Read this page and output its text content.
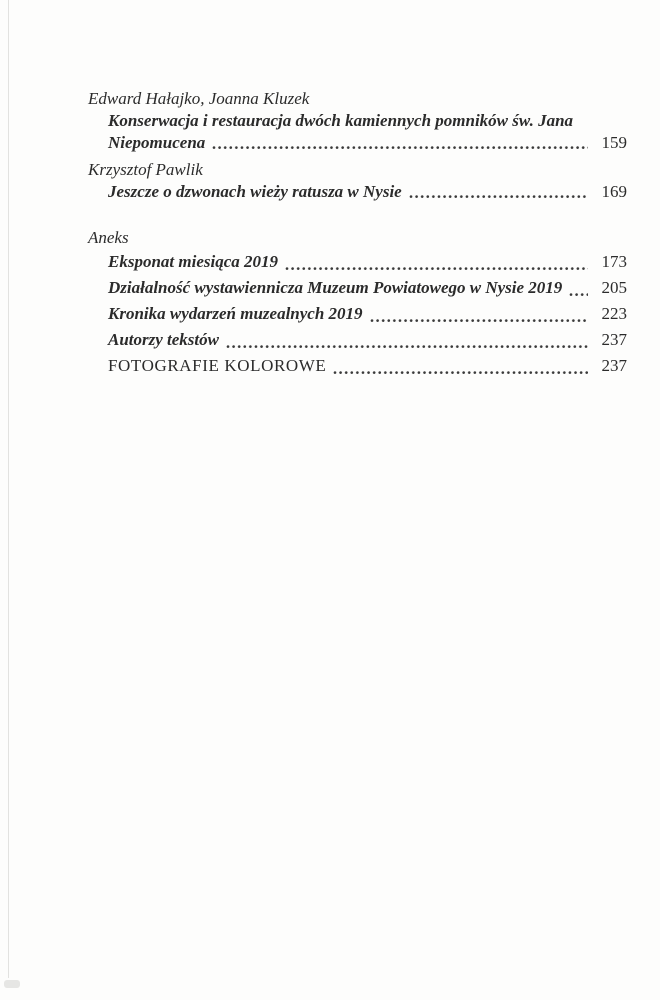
Edward Hałajko, Joanna Kluzek
Konserwacja i restauracja dwóch kamiennych pomników św. Jana
Niepomucena	159
Krzysztof Pawlik
Jeszcze o dzwonach wieży ratusza w Nysie	169
Aneks
Eksponat miesiąca 2019	173
Działalność wystawiennicza Muzeum Powiatowego w Nysie 2019	205
Kronika wydarzeń muzealnych 2019	223
Autorzy tekstów	237
FOTOGRAFIE KOLOROWE	237
